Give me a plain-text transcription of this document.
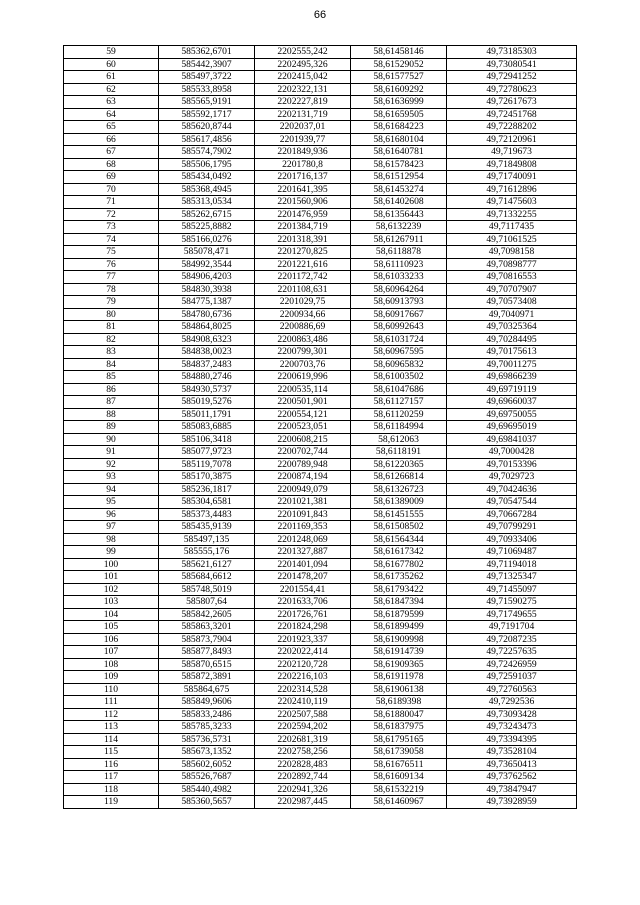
66
59	585362,6701	2202555,242	58,61458146	49,73185303
60	585442,3907	2202495,326	58,61529052	49,73080541
61	585497,3722	2202415,042	58,61577527	49,72941252
62	585533,8958	2202322,131	58,61609292	49,72780623
63	585565,9191	2202227,819	58,61636999	49,72617673
64	585592,1717	2202131,719	58,61659505	49,72451768
65	585620,8744	2202037,01	58,61684223	49,72288202
66	585617,4856	2201939,77	58,61680104	49,72120961
67	585574,7902	2201849,936	58,61640781	49,719673
68	585506,1795	2201780,8	58,61578423	49,71849808
69	585434,0492	2201716,137	58,61512954	49,71740091
70	585368,4945	2201641,395	58,61453274	49,71612896
71	585313,0534	2201560,906	58,61402608	49,71475603
72	585262,6715	2201476,959	58,61356443	49,71332255
73	585225,8882	2201384,719	58,6132239	49,7117435
74	585166,0276	2201318,391	58,61267911	49,71061525
75	585078,471	2201270,825	58,6118878	49,7098158
76	584992,3544	2201221,616	58,61110923	49,70898777
77	584906,4203	2201172,742	58,61033233	49,70816553
78	584830,3938	2201108,631	58,60964264	49,70707907
79	584775,1387	2201029,75	58,60913793	49,70573408
80	584780,6736	2200934,66	58,60917667	49,7040971
81	584864,8025	2200886,69	58,60992643	49,70325364
82	584908,6323	2200863,486	58,61031724	49,70284495
83	584838,0023	2200799,301	58,60967595	49,70175613
84	584837,2483	2200703,76	58,60965832	49,70011275
85	584880,2746	2200619,996	58,61003502	49,69866239
86	584930,5737	2200535,114	58,61047686	49,69719119
87	585019,5276	2200501,901	58,61127157	49,69660037
88	585011,1791	2200554,121	58,61120259	49,69750055
89	585083,6885	2200523,051	58,61184994	49,69695019
90	585106,3418	2200608,215	58,612063	49,69841037
91	585077,9723	2200702,744	58,6118191	49,7000428
92	585119,7078	2200789,948	58,61220365	49,70153396
93	585170,3875	2200874,194	58,61266814	49,7029723
94	585236,1817	2200949,079	58,61326723	49,70424636
95	585304,6581	2201021,381	58,61389009	49,70547544
96	585373,4483	2201091,843	58,61451555	49,70667284
97	585435,9139	2201169,353	58,61508502	49,70799291
98	585497,135	2201248,069	58,61564344	49,70933406
99	585555,176	2201327,887	58,61617342	49,71069487
100	585621,6127	2201401,094	58,61677802	49,71194018
101	585684,6612	2201478,207	58,61735262	49,71325347
102	585748,5019	2201554,41	58,61793422	49,71455097
103	585807,64	2201633,706	58,61847394	49,71590275
104	585842,2605	2201726,761	58,61879599	49,71749655
105	585863,3201	2201824,298	58,61899499	49,7191704
106	585873,7904	2201923,337	58,61909998	49,72087235
107	585877,8493	2202022,414	58,61914739	49,72257635
108	585870,6515	2202120,728	58,61909365	49,72426959
109	585872,3891	2202216,103	58,61911978	49,72591037
110	585864,675	2202314,528	58,61906138	49,72760563
111	585849,9606	2202410,119	58,6189398	49,7292536
112	585833,2486	2202507,588	58,61880047	49,73093428
113	585785,3233	2202594,202	58,61837975	49,73243473
114	585736,5731	2202681,319	58,61795165	49,73394395
115	585673,1352	2202758,256	58,61739058	49,73528104
116	585602,6052	2202828,483	58,61676511	49,73650413
117	585526,7687	2202892,744	58,61609134	49,73762562
118	585440,4982	2202941,326	58,61532219	49,73847947
119	585360,5657	2202987,445	58,61460967	49,73928959
